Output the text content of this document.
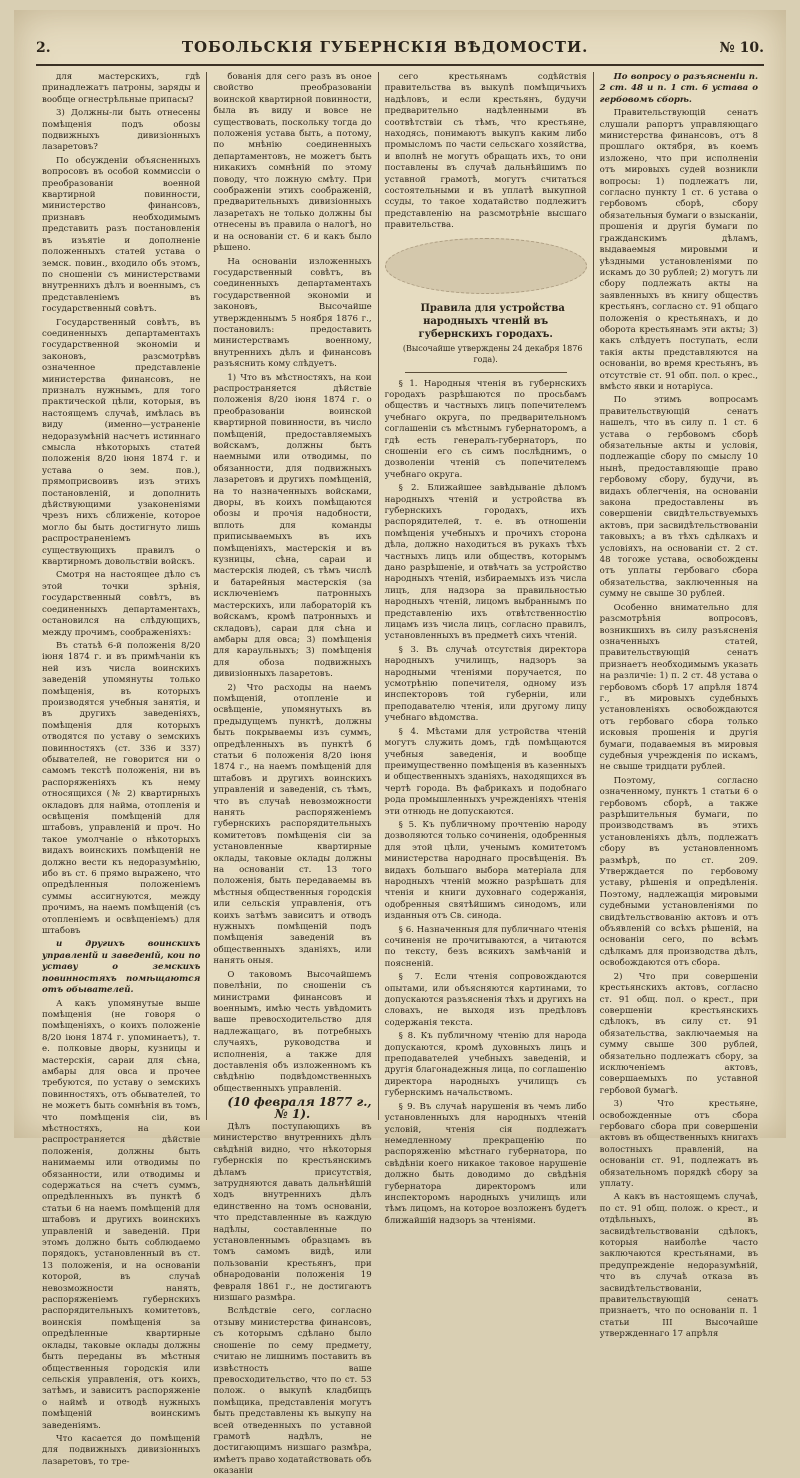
2.	ТОБОЛЬСКІЯ ГУБЕРНСКІЯ ВѢДОМОСТИ.	№ 10.

для мастерскихъ, гдѣ принадлежатъ патроны, заряды и вообще огнестрѣльные припасы?

3) Должны-ли быть отнесены помѣщенія подъ обозы подвижныхъ дивизіонныхъ лазаретовъ?

По обсужденіи объясненныхъ вопросовъ въ особой коммиссіи о преобразованіи военной квартирной повинности, министерство финансовъ, признавъ необходимымъ представить разъ постановленія въ изъятіе и дополненіе положенныхъ статей устава о земск. повин., входило объ этомъ, по сношеніи съ министерствами внутреннихъ дѣлъ и военнымъ, съ представленіемъ въ государственный совѣтъ.

Государственный совѣтъ, въ соединенныхъ департаментахъ государственной экономіи и законовъ, разсмотрѣвъ означенное представленіе министерства финансовъ, не призналъ нужнымъ, для того практической цѣли, которыя, въ настоящемъ случаѣ, имѣлась въ виду (именно—устраненіе недоразумѣній насчетъ истиннаго смысла нѣкоторыхъ статей положенія 8/20 іюня 1874 г. и устава о зем. пов.), прямоприсвоивъ изъ этихъ постановленій, и дополнить дѣйствующими узаконеніями чрезъ нихъ сближеніе, которое могло бы быть достигнуто лишь распространеніемъ существующихъ правилъ о квартирномъ довольствіи войскъ.

Смотря на настоящее дѣло съ этой точки зрѣнія, государственный совѣтъ, въ соединенныхъ департаментахъ, остановился на слѣдующихъ, между прочимъ, соображеніяхъ:

Въ статьѣ 6-й положенія 8/20 іюня 1874 г. и въ примѣчаніи къ ней изъ числа воинскихъ заведеній упомянуты только помѣщенія, въ которыхъ производятся учебныя занятія, и въ другихъ заведеніяхъ, помѣщенія для которыхъ отводятся по уставу о земскихъ повинностяхъ (ст. 336 и 337) обывателей, не говорится ни о самомъ текстѣ положенія, ни въ распоряженіяхъ къ нему относящихся (№ 2) квартирныхъ окладовъ для найма, отопленія и освѣщенія помѣщеній для штабовъ, управленій и проч. Но такое умолчаніе о нѣкоторыхъ видахъ воинскихъ помѣщеній не должно вести къ недоразумѣнію, ибо въ ст. 6 прямо выражено, что опредѣленныя положеніемъ суммы ассигнуются, между прочимъ, на наемъ помѣщеній (съ отопленіемъ и освѣщеніемъ) для штабовъ

и другихъ воинскихъ управленій и заведеній, кои по уставу о земскихъ повинностяхъ помѣщаются отъ обывателей.

А какъ упомянутые выше помѣщенія (не говоря о помѣщеніяхъ, о коихъ положеніе 8/20 іюня 1874 г. упоминаетъ), т. е. полковые дворы, кузницы и мастерскія, сараи для сѣна, амбары для овса и прочее требуются, по уставу о земскихъ повинностяхъ, отъ обывателей, то не можетъ быть сомнѣнія въ томъ, что помѣщенія сіи, въ мѣстностяхъ, на кои распространяется дѣйствіе положенія, должны быть нанимаемы или отводимы по обязанности, или отводимы и содержаться на счетъ суммъ, опредѣленныхъ въ пунктѣ б статьи 6 на наемъ помѣщеній для штабовъ и другихъ воинскихъ управленій и заведеній. При этомъ должно быть соблюдаемо порядокъ, установленный въ ст. 13 положенія, и на основаніи которой, въ случаѣ невозможности нанять, распоряженіемъ губернскихъ распорядительныхъ комитетовъ, воинскія помѣщенія за опредѣленные квартирные оклады, таковые оклады должны быть переданы въ мѣстныя общественныя городскія или сельскія управленія, отъ коихъ, затѣмъ, и зависитъ распоряженіе о наймѣ и отводѣ нужныхъ помѣщеній воинскимъ заведеніямъ.

Что касается до помѣщеній для подвижныхъ дивизіонныхъ лазаретовъ, то тре-

бованія для сего разъ въ оное свойство преобразованіи воинской квартирной повинности, была въ виду и вовсе не существовать, поскольку тогда до положенія устава быть, а потому, по мнѣнію соединенныхъ департаментовъ, не можетъ быть никакихъ сомнѣній по этому поводу, что ложную смѣту. При соображеніи этихъ соображеній, предварительныхъ дивизіонныхъ лазаретахъ не только должны бы отнесены въ правила о налогѣ, но и на основаніи ст. 6 и какъ было рѣшено.

На основаніи изложенныхъ государственный совѣтъ, въ соединенныхъ департаментахъ государственной экономіи и законовъ, Высочайше утвержденнымъ 5 ноября 1876 г., постановилъ: предоставить министерствамъ военному, внутреннихъ дѣлъ и финансовъ разъяснить кому слѣдуетъ.

1) Что въ мѣстностяхъ, на кои распространяется дѣйствіе положенія 8/20 іюня 1874 г. о преобразованіи воинской квартирной повинности, въ число помѣщеній, предоставляемыхъ войскамъ, должны быть наемными или отводимы, по обязанности, для подвижныхъ лазаретовъ и другихъ помѣщеній, на то назначенныхъ войсками, дворы, въ коихъ помѣщаются обозы и прочія надобности, вплоть для команды приписываемыхъ въ ихъ помѣщеніяхъ, мастерскія и въ кузницы, сѣна, сараи и мастерскія людей, съ тѣмъ числѣ и батарейныя мастерскія (за исключеніемъ патронныхъ мастерскихъ, или лабораторій къ войскамъ, кромѣ патронныхъ и складовъ), сараи для сѣна и амбары для овса; 3) помѣщенія для караульныхъ; 3) помѣщенія для обоза подвижныхъ дивизіонныхъ лазаретовъ.

2) Что расходы на наемъ помѣщеній, отопленіе и освѣщеніе, упомянутыхъ въ предыдущемъ пунктѣ, должны быть покрываемы изъ суммъ, опредѣленныхъ въ пунктѣ б статьи 6 положенія 8/20 іюня 1874 г., на наемъ помѣщеній для штабовъ и другихъ воинскихъ управленій и заведеній, съ тѣмъ, что въ случаѣ невозможности нанять распоряженіемъ губернскихъ распорядительныхъ комитетовъ помѣщенія сіи за установленные квартирные оклады, таковые оклады должны на основаніи ст. 13 того положенія, быть передаваемы въ мѣстныя общественныя городскія или сельскія управленія, отъ коихъ затѣмъ зависитъ и отводъ нужныхъ помѣщеній подъ помѣщенія заведеній въ общественныхъ зданіяхъ, или нанять оныя.

О таковомъ Высочайшемъ повелѣніи, по сношеніи съ министрами финансовъ и военнымъ, имѣю честь увѣдомить ваше превосходительство для надлежащаго, въ потребныхъ случаяхъ, руководства и исполненія, а также для доставленія объ изложенномъ къ свѣдѣнію подвѣдомственныхъ общественныхъ управленій.

(10 февраля 1877 г., № 1).

Дѣлъ поступающихъ въ министерство внутреннихъ дѣлъ свѣдѣній видно, что нѣкоторыя губернскія по крестьянскимъ дѣламъ присутствія, затрудняются давать дальнѣйшій ходъ внутреннихъ дѣлъ единственно на томъ основаніи, что представленные въ каждую надѣлы, составленные по установленнымъ образцамъ въ томъ самомъ видѣ, или пользованіи крестьянъ, при обнародованіи положенія 19 февраля 1861 г., не достигаютъ низшаго размѣра.

Вслѣдствіе сего, согласно отзыву министерства финансовъ, съ которымъ сдѣлано было сношеніе по сему предмету, считаю не лишнимъ поставить въ извѣстность ваше превосходительство, что по ст. 53 полож. о выкупѣ кладбищъ помѣщика, представленія могутъ быть представлены къ выкупу на всей отведенныхъ по уставной грамотѣ надѣлъ, не достигающимъ низшаго размѣра, имѣетъ право ходатайствовать объ оказаніи

сего крестьянамъ содѣйствія правительства въ выкупѣ помѣщичьихъ надѣловъ, и если крестьянъ, будучи предварительно надѣленными въ соотвѣтствіи съ тѣмъ, что крестьяне, находясь, понимаютъ выкупъ каким либо промысломъ по части сельскаго хозяйства, и вполнѣ не могутъ обращать ихъ, то они поставлены въ случаѣ дальнѣйшимъ по уставной грамотѣ, могутъ считаться состоятельными и въ уплатѣ выкупной ссуды, то такое ходатайство подлежитъ представленію на разсмотрѣніе высшаго правительства.

Правила для устройства народныхъ чтеній въ губернскихъ городахъ.

(Высочайше утверждены 24 декабря 1876 года).

§ 1. Народныя чтенія въ губернскихъ городахъ разрѣшаются по просьбамъ обществъ и частныхъ лицъ попечителемъ учебнаго округа, по предварительномъ соглашеніи съ мѣстнымъ губернаторомъ, а гдѣ есть генералъ-губернаторъ, по сношеніи его съ симъ послѣднимъ, о дозволеніи чтеній съ попечителемъ учебнаго округа.

§ 2. Ближайшее завѣдываніе дѣломъ народныхъ чтеній и устройства въ губернскихъ городахъ, ихъ распорядителей, т. е. въ отношеніи помѣщенія учебныхъ и прочихъ сторона дѣла, должно находиться въ рукахъ тѣхъ частныхъ лицъ или обществъ, которымъ дано разрѣшеніе, и отвѣчать за устройство народныхъ чтеній, избираемыхъ изъ числа лицъ, для надзора за правильностью народныхъ чтеній, лицомъ выбраннымъ по представленію ихъ отвѣтственностію лицамъ изъ числа лицъ, согласно правилъ, установленныхъ въ предметѣ сихъ чтеній.

§ 3. Въ случаѣ отсутствія директора народныхъ училищъ, надзоръ за народными чтеніями поручается, по усмотрѣнію попечителя, одному изъ инспекторовъ той губерніи, или преподавателю чтенія, или другому лицу учебнаго вѣдомства.

§ 4. Мѣстами для устройства чтеній могутъ служить домъ, гдѣ помѣщаются учебныя заведенія, и вообще преимущественно помѣщенія въ казенныхъ и общественныхъ зданіяхъ, находящихся въ чертѣ города. Въ фабрикахъ и подобнаго рода промышленныхъ учрежденіяхъ чтенія эти отнюдь не допускаются.

§ 5. Къ публичному прочтенію народу дозволяются только сочиненія, одобренныя для этой цѣли, ученымъ комитетомъ министерства народнаго просвѣщенія. Въ видахъ большаго выбора матеріала для народныхъ чтеній можно разрѣшать для чтенія и книги духовнаго содержанія, одобренныя святѣйшимъ синодомъ, или изданныя отъ Св. синода.

§ 6. Назначенныя для публичнаго чтенія сочиненія не прочитываются, а читаются по тексту, безъ всякихъ замѣчаній и поясненій.

§ 7. Если чтенія сопровождаются опытами, или объясняются картинами, то допускаются разъясненія тѣхъ и другихъ на словахъ, не выходя изъ предѣловъ содержанія текста.

§ 8. Къ публичному чтенію для народа допускаются, кромѣ духовныхъ лицъ и преподавателей учебныхъ заведеній, и другія благонадежныя лица, по соглашенію директора народныхъ училищъ съ губернскимъ начальствомъ.

§ 9. Въ случаѣ нарушенія въ чемъ либо установленныхъ для народныхъ чтеній условій, чтенія сія подлежатъ немедленному прекращенію по распоряженію мѣстнаго губернатора, по свѣдѣніи коего никакое таковое нарушеніе должно быть доводимо до свѣдѣнія губернатора директоромъ или инспекторомъ народныхъ училищъ или тѣмъ лицомъ, на которое возложенъ будетъ ближайшій надзоръ за чтеніями.

По вопросу о разъясненіи п. 2 ст. 48 и п. 1 ст. 6 устава о гербовомъ сборѣ.

Правительствующій сенатъ слушали рапортъ управляющаго министерства финансовъ, отъ 8 прошлаго октября, въ коемъ изложено, что при исполненіи отъ мировыхъ судей возникли вопросы: 1) подлежатъ ли, согласно пункту 1 ст. 6 устава о гербовомъ сборѣ, сбору обязательныя бумаги о взысканіи, прошенія и другія бумаги по гражданскимъ дѣламъ, выдаваемыя мировыми и уѣздными установленіями по искамъ до 30 рублей; 2) могутъ ли сбору подлежать акты на заявленныхъ въ книгу обществъ крестьянъ, согласно ст. 91 общаго положенія о крестьянахъ, и до оборота крестьянамъ эти акты; 3) какъ слѣдуетъ поступать, если такія акты представляются на основаніи, во время крестьянъ, въ отсутствіе ст. 91 обп. пол. о крес., вмѣсто явки и нотаріуса.

По этимъ вопросамъ правительствующій сенатъ нашелъ, что въ силу п. 1 ст. 6 устава о гербовомъ сборѣ обязательные акты и условія, подлежащіе сбору по смыслу 10 нынѣ, предоставляющіе право гербовому сбору, будучи, въ видахъ облегченія, на основаніи закона предоставлены въ совершеніи свидѣтельствуемыхъ актовъ, при засвидѣтельствованіи таковыхъ; а въ тѣхъ сдѣлкахъ и условіяхъ, на основаніи ст. 2 ст. 48 тогоже устава, освобождены отъ уплаты гербоваго сбора обязательства, заключенныя на сумму не свыше 30 рублей.

Особенно внимательно для разсмотрѣнія вопросовъ, возникшихъ въ силу разъясненія означенныхъ статей, правительствующій сенатъ признаетъ необходимымъ указать на различіе: 1) п. 2 ст. 48 устава о гербовомъ сборѣ 17 апрѣля 1874 г., въ мировыхъ судебныхъ установленіяхъ освобождаются отъ гербоваго сбора только исковыя прошенія и другія бумаги, подаваемыя въ мировыя судебныя учрежденія по искамъ, не свыше тридцати рублей.

Поэтому, согласно означенному, пунктъ 1 статьи 6 о гербовомъ сборѣ, а также разрѣшительныя бумаги, по производствамъ въ этихъ установленіяхъ дѣлъ, подлежатъ сбору въ установленномъ размѣрѣ, по ст. 209. Утверждается по гербовому уставу, рѣшенія и опредѣленія. Поэтому, надлежащія мировыми судебными установленіями по свидѣтельствованію актовъ и отъ объявленій со всѣхъ рѣшеній, на основаніи сего, по всѣмъ сдѣлкамъ для производства дѣлъ, освобождаются отъ сбора.

2) Что при совершеніи крестьянскихъ актовъ, согласно ст. 91 общ. пол. о крест., при совершеніи крестьянскихъ сдѣлокъ, въ силу ст. 91 обязательства, заключаемыя на сумму свыше 300 рублей, обязательно подлежатъ сбору, за исключеніемъ актовъ, совершаемыхъ по уставной гербовой бумагѣ.

3) Что крестьяне, освобожденные отъ сбора гербоваго сбора при совершеніи актовъ въ общественныхъ книгахъ волостныхъ правленій, на основаніи ст. 91, подлежатъ въ обязательномъ порядкѣ сбору за уплату.

А какъ въ настоящемъ случаѣ, по ст. 91 общ. полож. о крест., и отдѣльныхъ, въ засвидѣтельствованіи сдѣлокъ, которыя наиболѣе часто заключаются крестьянами, въ предупрежденіе недоразумѣній, что въ случаѣ отказа въ засвидѣтельствованіи, правительствующій сенатъ признаетъ, что по основаніи п. 1 статьи III Высочайше утвержденнаго 17 апрѣля
